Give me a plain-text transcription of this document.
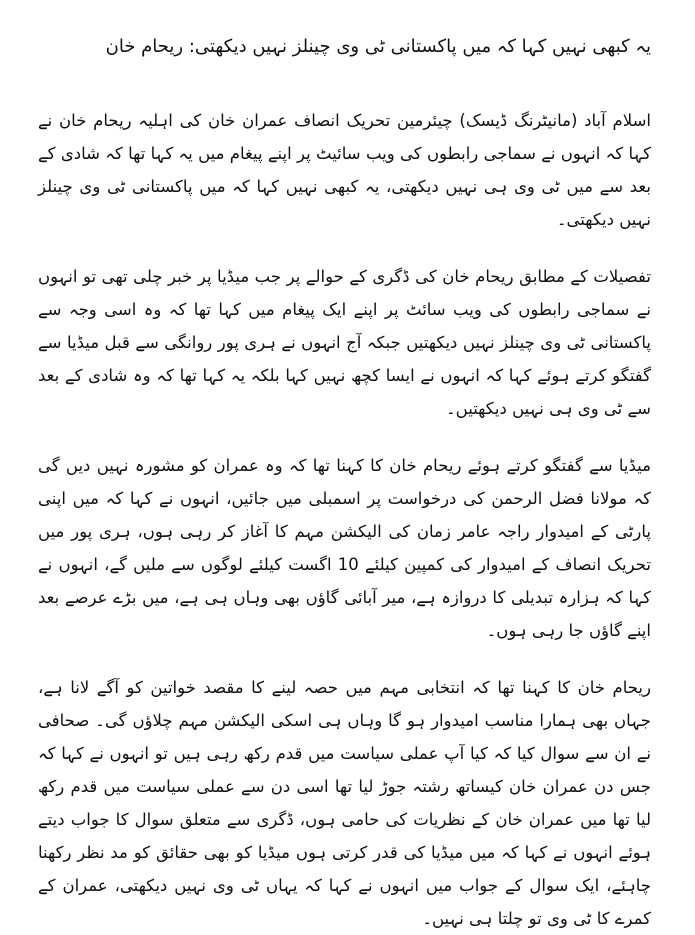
یہ کبھی نہیں کہا کہ میں پاکستانی ٹی وی چینلز نہیں دیکھتی: ریحام خان

اسلام آباد (مانیٹرنگ ڈیسک) چیئرمین تحریک انصاف عمران خان کی اہلیہ ریحام خان نے کہا کہ انہوں نے سماجی رابطوں کی ویب سائیٹ پر اپنے پیغام میں یہ کہا تھا کہ شادی کے بعد سے میں ٹی وی ہی نہیں دیکھتی، یہ کبھی نہیں کہا کہ میں پاکستانی ٹی وی چینلز نہیں دیکھتی۔

تفصیلات کے مطابق ریحام خان کی ڈگری کے حوالے پر جب میڈیا پر خبر چلی تھی تو انہوں نے سماجی رابطوں کی ویب سائٹ پر اپنے ایک پیغام میں کہا تھا کہ وہ اسی وجہ سے پاکستانی ٹی وی چینلز نہیں دیکھتیں جبکہ آج انہوں نے ہری پور روانگی سے قبل میڈیا سے گفتگو کرتے ہوئے کہا کہ انہوں نے ایسا کچھ نہیں کہا بلکہ یہ کہا تھا کہ وہ شادی کے بعد سے ٹی وی ہی نہیں دیکھتیں۔

میڈیا سے گفتگو کرتے ہوئے ریحام خان کا کہنا تھا کہ وہ عمران کو مشورہ نہیں دیں گی کہ مولانا فضل الرحمن کی درخواست پر اسمبلی میں جائیں، انہوں نے کہا کہ میں اپنی پارٹی کے امیدوار راجہ عامر زمان کی الیکشن مہم کا آغاز کر رہی ہوں، ہری پور میں تحریک انصاف کے امیدوار کی کمپین کیلئے 10 اگست کیلئے لوگوں سے ملیں گے، انہوں نے کہا کہ ہزارہ تبدیلی کا دروازہ ہے، میر آبائی گاؤں بھی وہاں ہی ہے، میں بڑے عرصے بعد اپنے گاؤں جا رہی ہوں۔

ریحام خان کا کہنا تھا کہ انتخابی مہم میں حصہ لینے کا مقصد خواتین کو آگے لانا ہے، جہاں بھی ہمارا مناسب امیدوار ہو گا وہاں ہی اسکی الیکشن مہم چلاؤں گی۔ صحافی نے ان سے سوال کیا کہ کیا آپ عملی سیاست میں قدم رکھ رہی ہیں تو انہوں نے کہا کہ جس دن عمران خان کیساتھ رشتہ جوڑ لیا تھا اسی دن سے عملی سیاست میں قدم رکھ لیا تھا میں عمران خان کے نظریات کی حامی ہوں، ڈگری سے متعلق سوال کا جواب دیتے ہوئے انہوں نے کہا کہ میں میڈیا کی قدر کرتی ہوں میڈیا کو بھی حقائق کو مد نظر رکھنا چاہئے، ایک سوال کے جواب میں انہوں نے کہا کہ یہاں ٹی وی نہیں دیکھتی، عمران کے کمرے کا ٹی وی تو چلتا ہی نہیں۔
